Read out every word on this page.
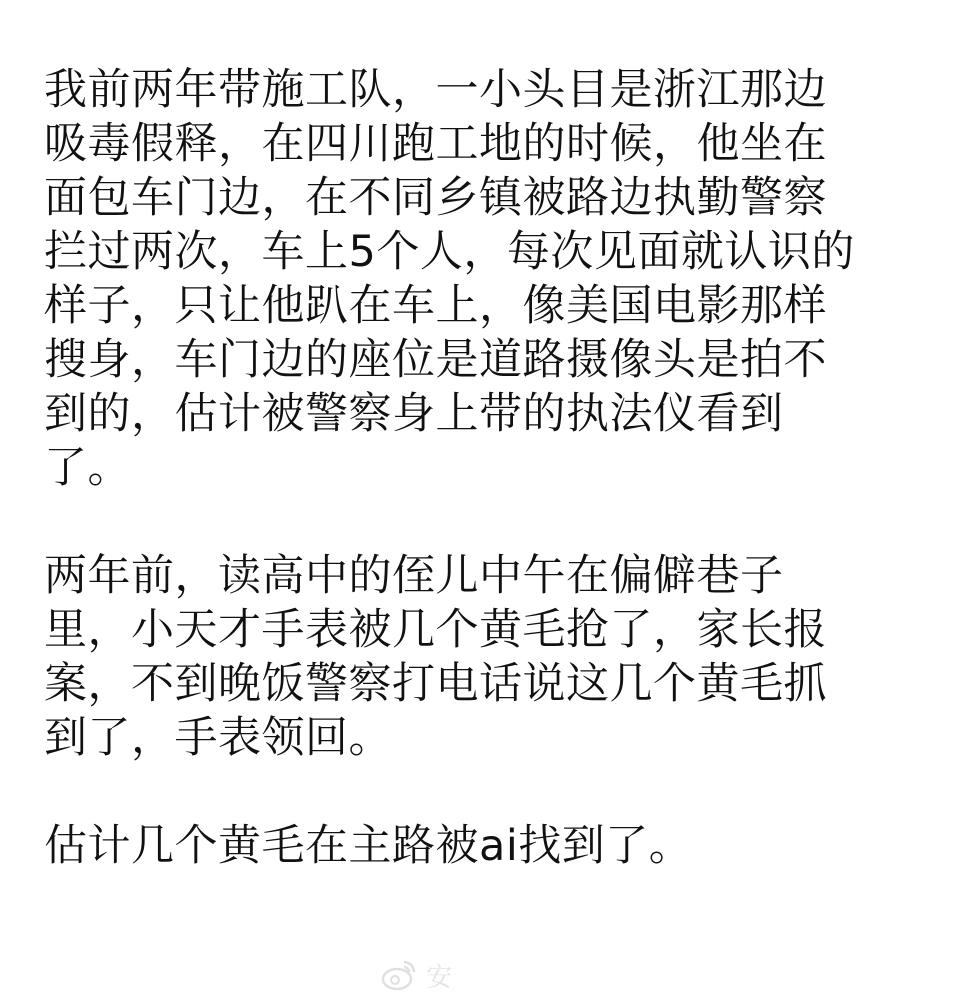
我前两年带施工队，一小头目是浙江那边
吸毒假释，在四川跑工地的时候，他坐在
面包车门边，在不同乡镇被路边执勤警察
拦过两次，车上5个人，每次见面就认识的
样子，只让他趴在车上，像美国电影那样
搜身，车门边的座位是道路摄像头是拍不
到的，估计被警察身上带的执法仪看到
了。
两年前，读高中的侄儿中午在偏僻巷子
里，小天才手表被几个黄毛抢了，家长报
案，不到晚饭警察打电话说这几个黄毛抓
到了，手表领回。
估计几个黄毛在主路被ai找到了。
安
